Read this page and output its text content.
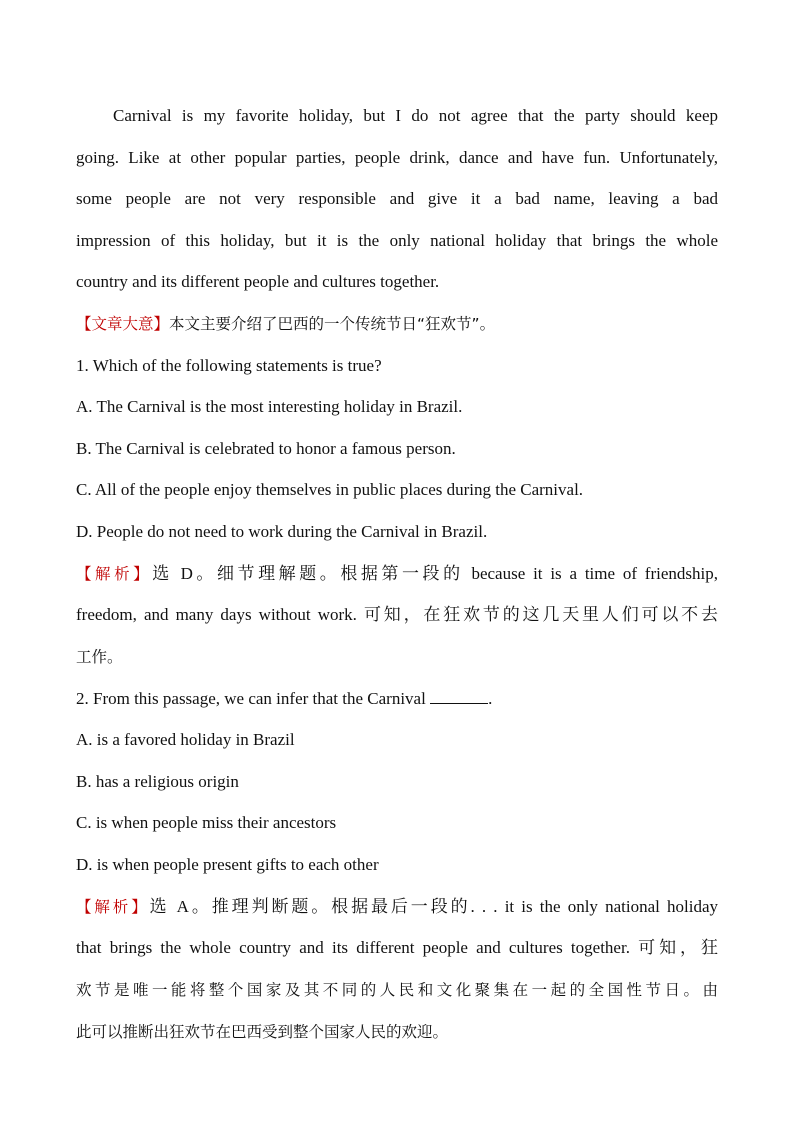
Carnival is my favorite holiday, but I do not agree that the party should keep
going. Like at other popular parties, people drink, dance and have fun. Unfortunately,
some people are not very responsible and give it a bad name, leaving a bad
impression of this holiday, but it is the only national holiday that brings the whole
country and its different people and cultures together.
【文章大意】本文主要介绍了巴西的一个传统节日“狂欢节”。
1. Which of the following statements is true?
A. The Carnival is the most interesting holiday in Brazil.
B. The Carnival is celebrated to honor a famous person.
C. All of the people enjoy themselves in public places during the Carnival.
D. People do not need to work during the Carnival in Brazil.
【解析】选 D。细节理解题。根据第一段的 because it is a time of friendship,
freedom, and many days without work. 可知，在狂欢节的这几天里人们可以不去
工作。
2. From this passage, we can infer that the Carnival	.
A. is a favored holiday in Brazil
B. has a religious origin
C. is when people miss their ancestors
D. is when people present gifts to each other
【解析】选 A。推理判断题。根据最后一段的. . . it is the only national holiday
that brings the whole country and its different people and cultures together. 可知，狂
欢节是唯一能将整个国家及其不同的人民和文化聚集在一起的全国性节日。由
此可以推断出狂欢节在巴西受到整个国家人民的欢迎。
